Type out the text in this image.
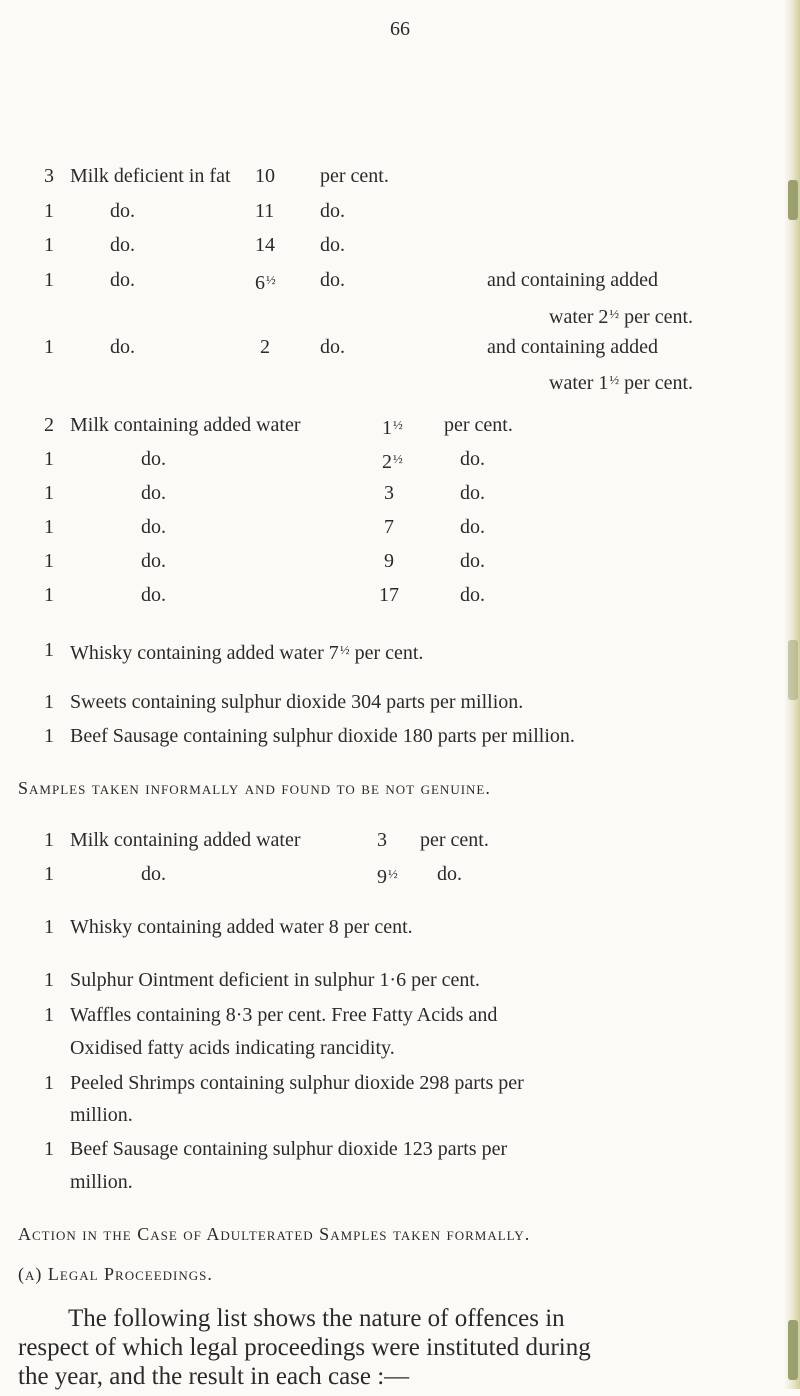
66
3 Milk deficient in fat 10 per cent.
1	do.	11 do.
1	do.	14 do.
1	do.	$6^{\frac{1}{2}}$ do.	and containing added
water $2^{\frac{1}{2}}$ per cent.
1	do.	2	do.	and containing added
water $1^{\frac{1}{2}}$ per cent.
2 Milk containing added water	$1^{\frac{1}{2}}$ per cent.
1	do.	$2^{\frac{1}{2}}$	do.
1	do.	3	do.
1	do.	7	do.
1	do.	9	do.
1	do.	17	do.
1 Whisky containing added water $7^{\frac{1}{2}}$ per cent.
1 Sweets containing sulphur dioxide 304 parts per million.
1 Beef Sausage containing sulphur dioxide 180 parts per million.
Samples taken informally and found to be not genuine.
1 Milk containing added water	3 per cent.
1	do.	$9^{\frac{1}{2}}$ do.
1 Whisky containing added water 8 per cent.
1 Sulphur Ointment deficient in sulphur 1·6 per cent.
1 Waffles containing 8·3 per cent. Free Fatty Acids and
Oxidised fatty acids indicating rancidity.
1 Peeled Shrimps containing sulphur dioxide 298 parts per
million.
1 Beef Sausage containing sulphur dioxide 123 parts per
million.
Action in the Case of Adulterated Samples taken formally.
(a) Legal Proceedings.
The following list shows the nature of offences in
respect of which legal proceedings were instituted during
the year, and the result in each case :—
